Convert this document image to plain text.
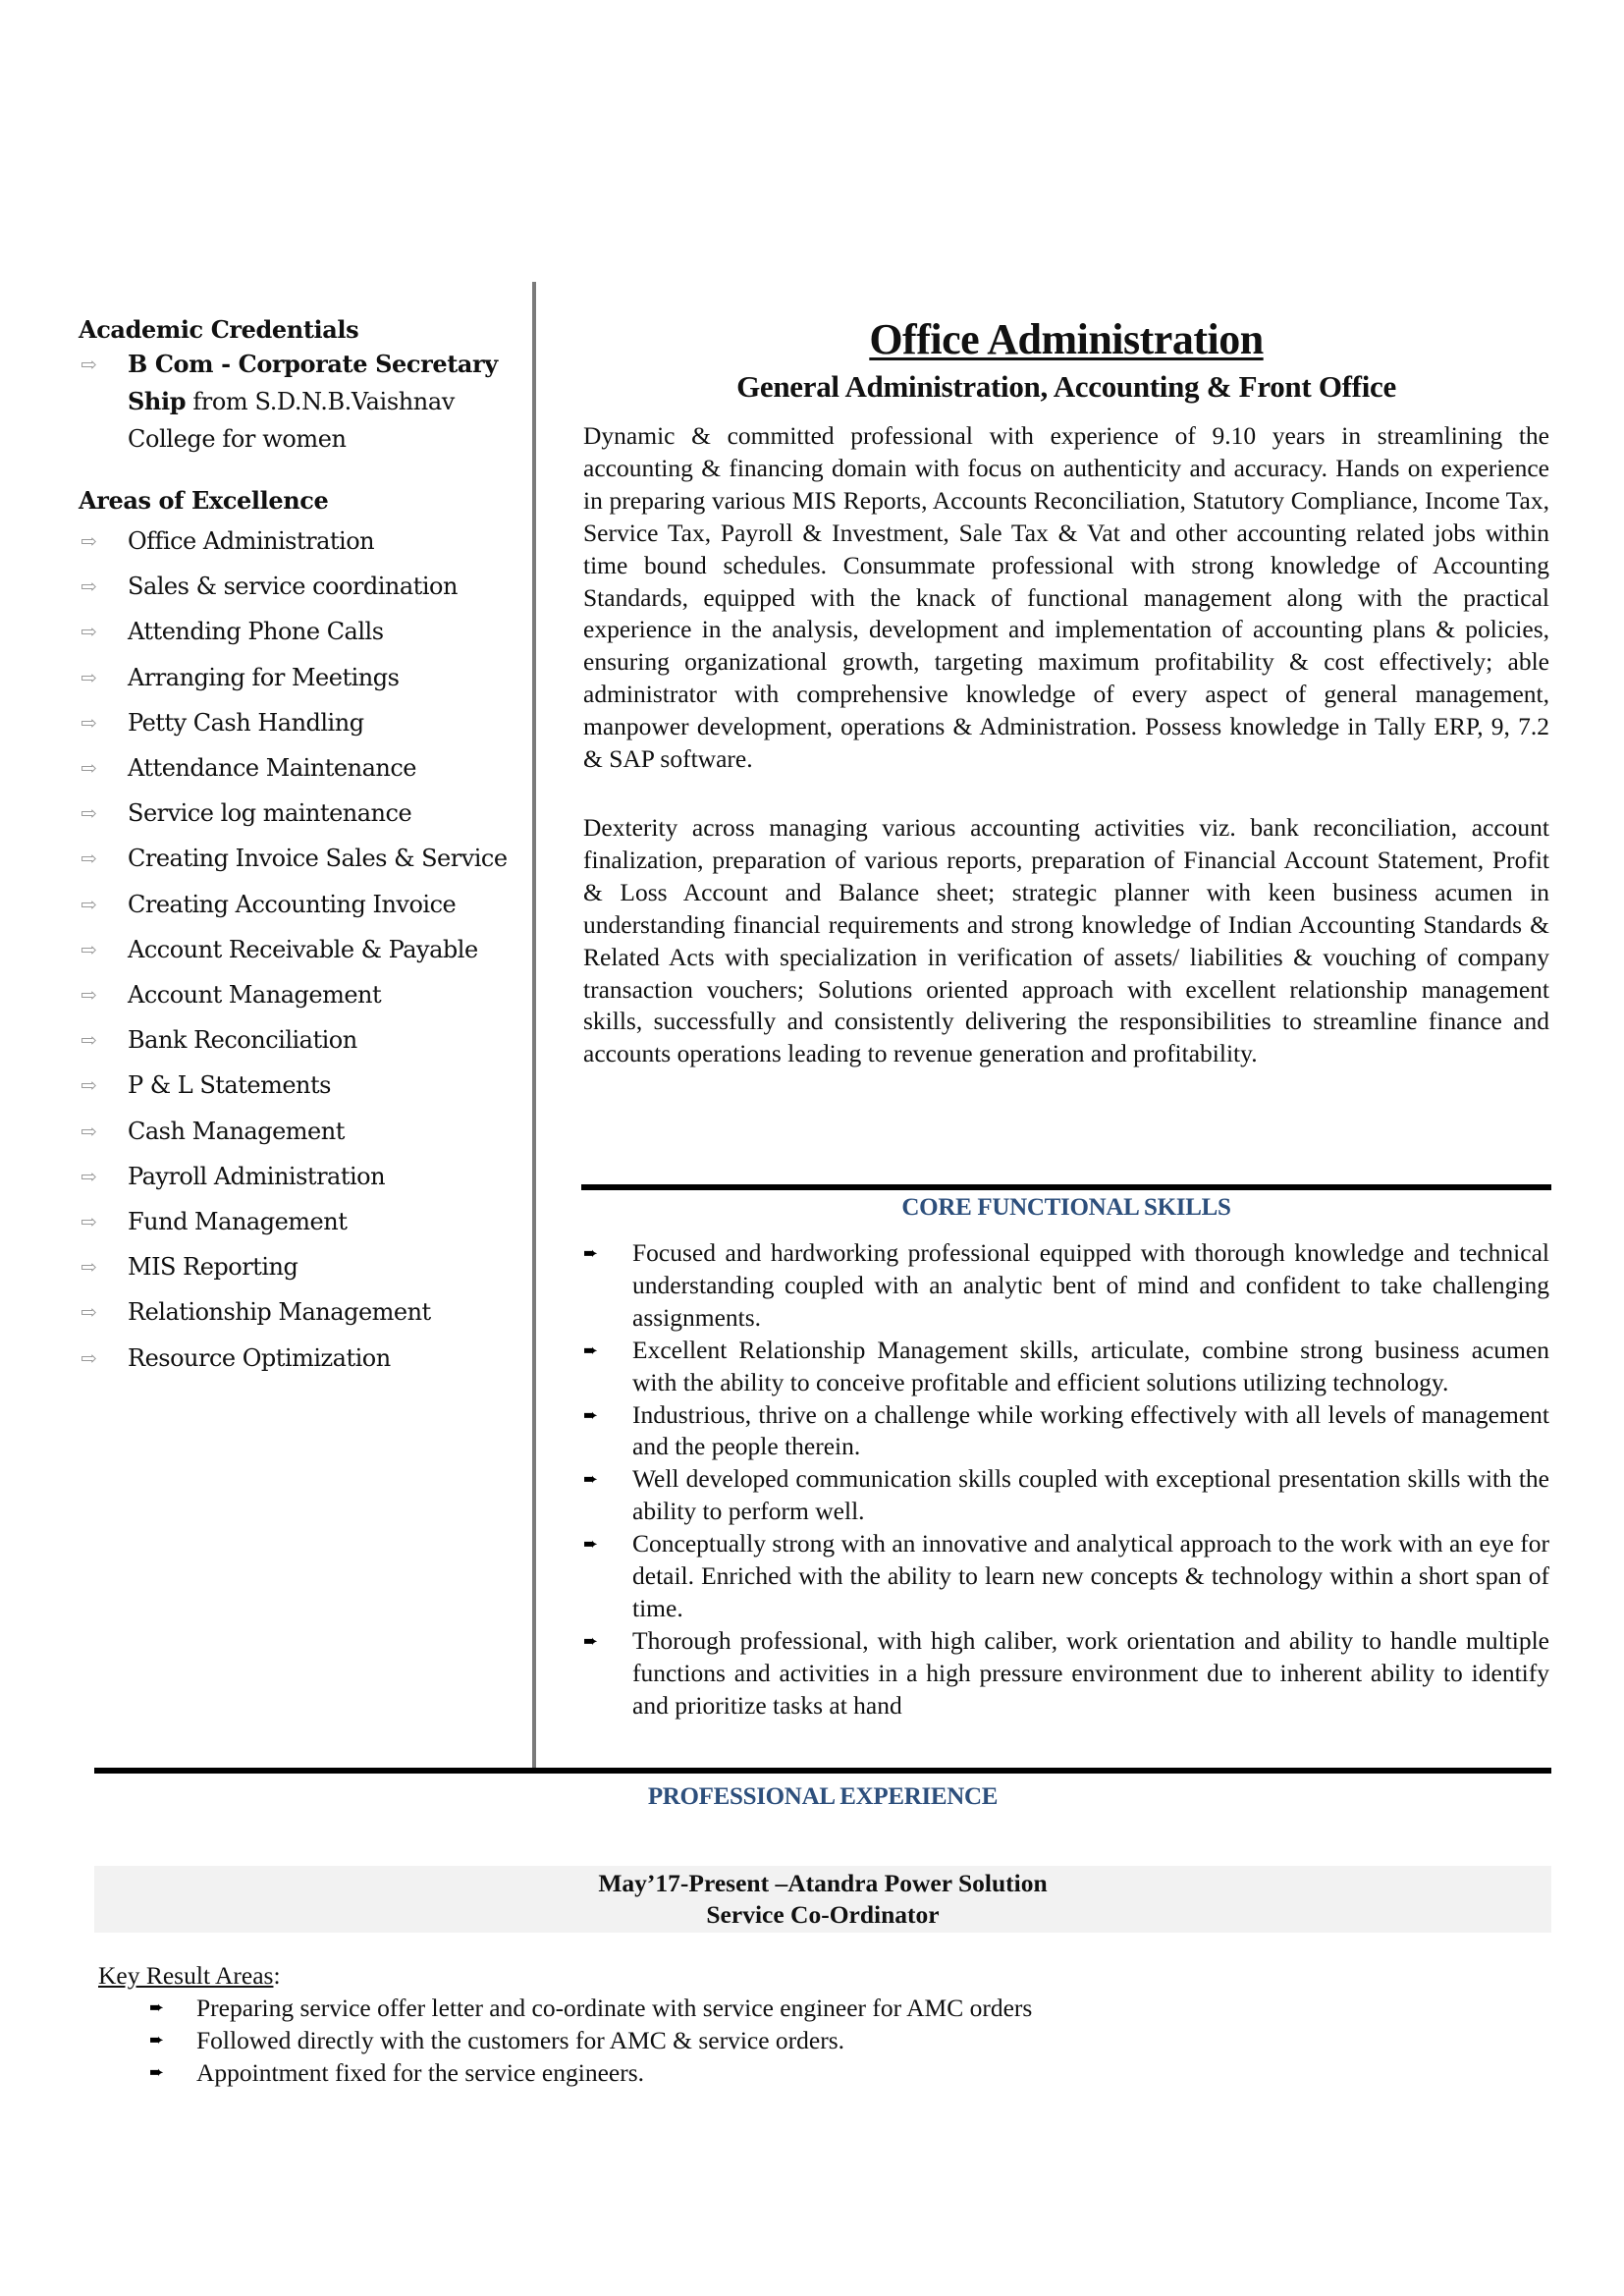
Academic Credentials
⇨ B Com - Corporate Secretary
Ship from S.D.N.B.Vaishnav
College for women
Areas of Excellence
⇨ Office Administration
⇨ Sales & service coordination
⇨ Attending Phone Calls
⇨ Arranging for Meetings
⇨ Petty Cash Handling
⇨ Attendance Maintenance
⇨ Service log maintenance
⇨ Creating Invoice Sales & Service
⇨ Creating Accounting Invoice
⇨ Account Receivable & Payable
⇨ Account Management
⇨ Bank Reconciliation
⇨ P & L Statements
⇨ Cash Management
⇨ Payroll Administration
⇨ Fund Management
⇨ MIS Reporting
⇨ Relationship Management
⇨ Resource Optimization
Office Administration
General Administration, Accounting & Front Office

Dynamic & committed professional with experience of 9.10 years in streamlining the accounting & financing domain with focus on authenticity and accuracy. Hands on experience in preparing various MIS Reports, Accounts Reconciliation, Statutory Compliance, Income Tax, Service Tax, Payroll & Investment, Sale Tax & Vat and other accounting related jobs within time bound schedules. Consummate professional with strong knowledge of Accounting Standards, equipped with the knack of functional management along with the practical experience in the analysis, development and implementation of accounting plans & policies, ensuring organizational growth, targeting maximum profitability & cost effectively; able administrator with comprehensive knowledge of every aspect of general management, manpower development, operations & Administration. Possess knowledge in Tally ERP, 9, 7.2 & SAP software.

Dexterity across managing various accounting activities viz. bank reconciliation, account finalization, preparation of various reports, preparation of Financial Account Statement, Profit & Loss Account and Balance sheet; strategic planner with keen business acumen in understanding financial requirements and strong knowledge of Indian Accounting Standards & Related Acts with specialization in verification of assets/ liabilities & vouching of company transaction vouchers; Solutions oriented approach with excellent relationship management skills, successfully and consistently delivering the responsibilities to streamline finance and accounts operations leading to revenue generation and profitability.

CORE FUNCTIONAL SKILLS
➨ Focused and hardworking professional equipped with thorough knowledge and technical understanding coupled with an analytic bent of mind and confident to take challenging assignments.
➨ Excellent Relationship Management skills, articulate, combine strong business acumen with the ability to conceive profitable and efficient solutions utilizing technology.
➨ Industrious, thrive on a challenge while working effectively with all levels of management and the people therein.
➨ Well developed communication skills coupled with exceptional presentation skills with the ability to perform well.
➨ Conceptually strong with an innovative and analytical approach to the work with an eye for detail. Enriched with the ability to learn new concepts & technology within a short span of time.
➨ Thorough professional, with high caliber, work orientation and ability to handle multiple functions and activities in a high pressure environment due to inherent ability to identify and prioritize tasks at hand
PROFESSIONAL EXPERIENCE
May’17-Present –Atandra Power Solution
Service Co-Ordinator
Key Result Areas:
➨ Preparing service offer letter and co-ordinate with service engineer for AMC orders
➨ Followed directly with the customers for AMC & service orders.
➨ Appointment fixed for the service engineers.
